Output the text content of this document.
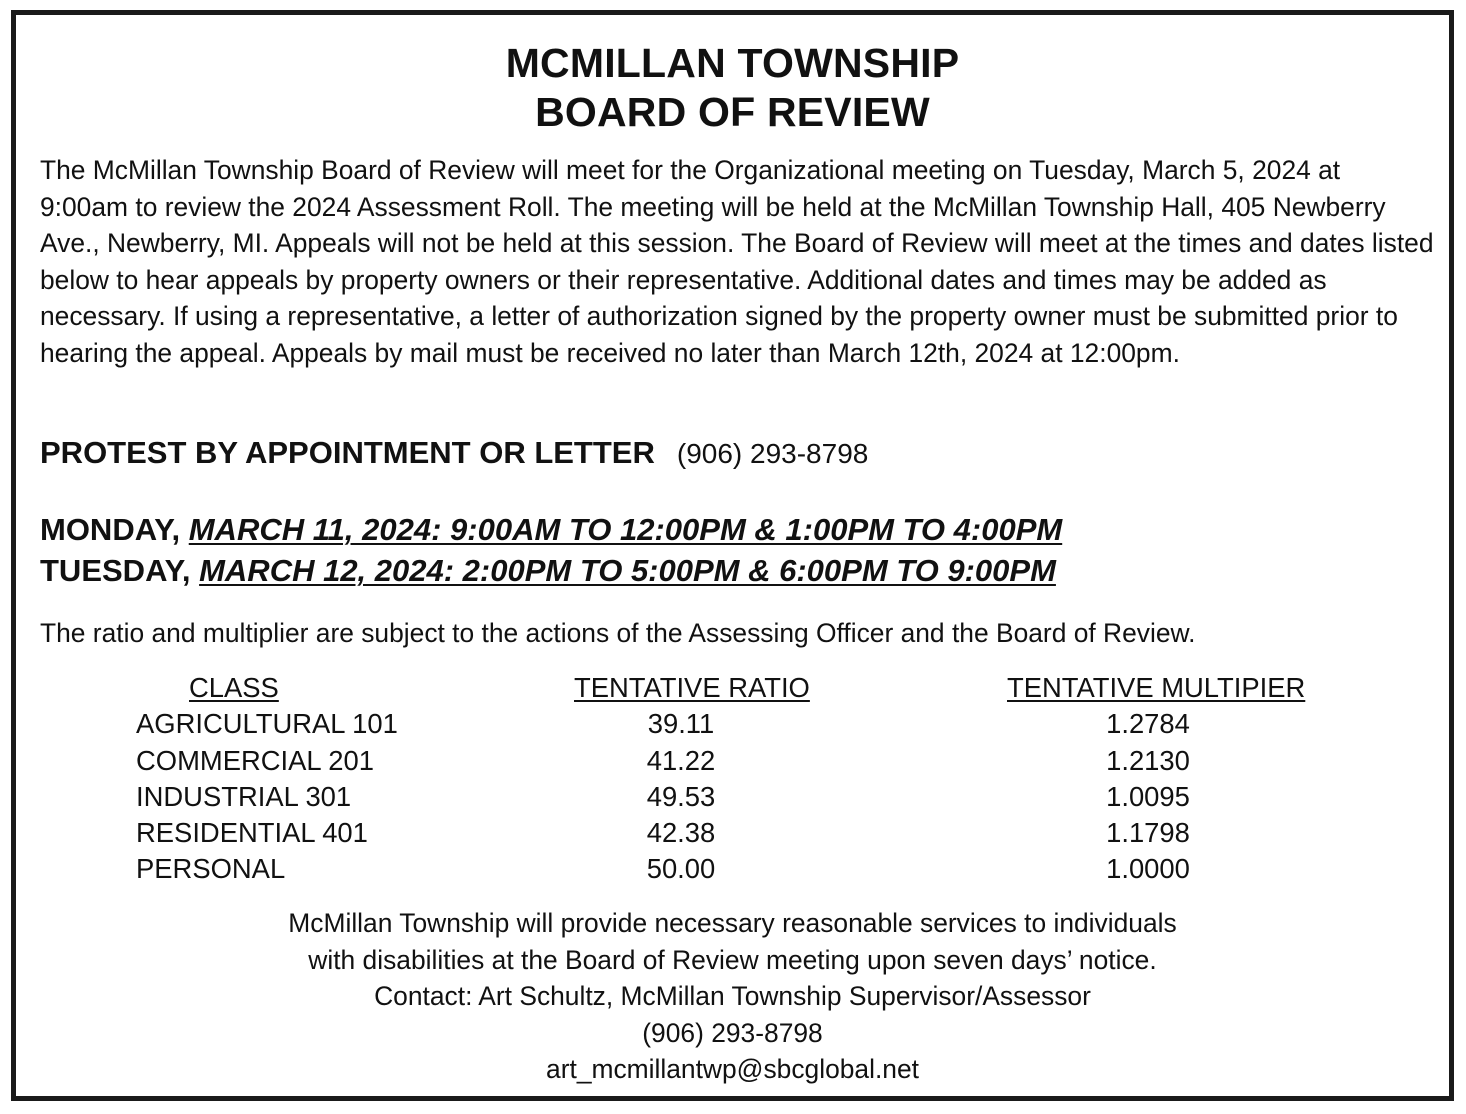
MCMILLAN TOWNSHIP
BOARD OF REVIEW

The McMillan Township Board of Review will meet for the Organizational meeting on Tuesday, March 5, 2024 at 9:00am to review the 2024 Assessment Roll. The meeting will be held at the McMillan Township Hall, 405 Newberry Ave., Newberry, MI. Appeals will not be held at this session. The Board of Review will meet at the times and dates listed below to hear appeals by property owners or their representative. Additional dates and times may be added as necessary. If using a representative, a letter of authorization signed by the property owner must be submitted prior to hearing the appeal. Appeals by mail must be received no later than March 12th, 2024 at 12:00pm.

PROTEST BY APPOINTMENT OR LETTER (906) 293-8798

MONDAY, MARCH 11, 2024: 9:00AM TO 12:00PM & 1:00PM TO 4:00PM
TUESDAY, MARCH 12, 2024: 2:00PM TO 5:00PM & 6:00PM TO 9:00PM

The ratio and multiplier are subject to the actions of the Assessing Officer and the Board of Review.

CLASS	TENTATIVE RATIO	TENTATIVE MULTIPIER
AGRICULTURAL 101	39.11	1.2784
COMMERCIAL 201	41.22	1.2130
INDUSTRIAL 301	49.53	1.0095
RESIDENTIAL 401	42.38	1.1798
PERSONAL	50.00	1.0000
McMillan Township will provide necessary reasonable services to individuals
with disabilities at the Board of Review meeting upon seven days’ notice.
Contact: Art Schultz, McMillan Township Supervisor/Assessor
(906) 293-8798
art_mcmillantwp@sbcglobal.net
